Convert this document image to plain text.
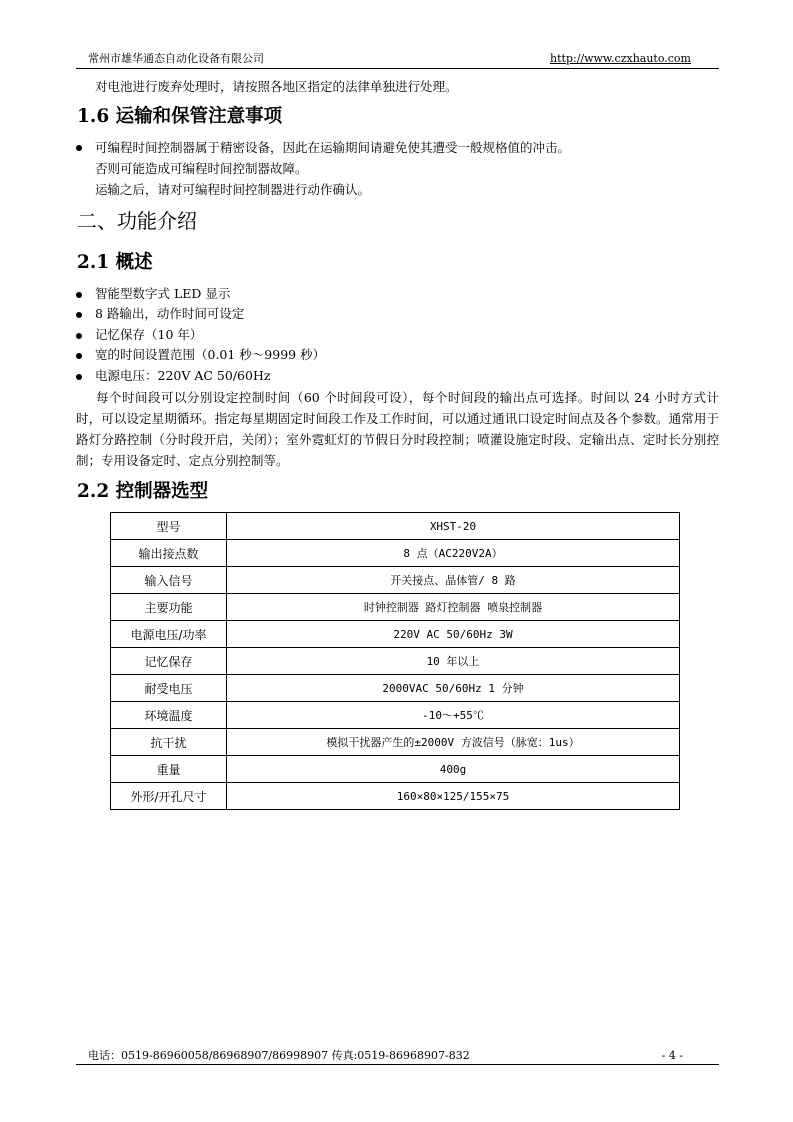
常州市雄华通态自动化设备有限公司	http://www.czxhauto.com
对电池进行废弃处理时，请按照各地区指定的法律单独进行处理。
1.6 运输和保管注意事项
可编程时间控制器属于精密设备，因此在运输期间请避免使其遭受一般规格值的冲击。
否则可能造成可编程时间控制器故障。
运输之后，请对可编程时间控制器进行动作确认。
二、功能介绍
2.1 概述
智能型数字式 LED 显示
8 路输出，动作时间可设定
记忆保存（10 年）
宽的时间设置范围（0.01 秒～9999 秒）
电源电压：220V AC 50/60Hz
每个时间段可以分别设定控制时间（60 个时间段可设），每个时间段的输出点可选择。时间以 24 小时方式计时，可以设定星期循环。指定每星期固定时间段工作及工作时间，可以通过通讯口设定时间点及各个参数。通常用于路灯分路控制（分时段开启，关闭）；室外霓虹灯的节假日分时段控制；喷灌设施定时段、定输出点、定时长分别控制；专用设备定时、定点分别控制等。
2.2 控制器选型
型号	XHST-20
输出接点数	8 点（AC220V2A）
输入信号	开关接点、晶体管/ 8 路
主要功能	时钟控制器 路灯控制器 喷泉控制器
电源电压/功率	220V AC 50/60Hz 3W
记忆保存	10 年以上
耐受电压	2000VAC 50/60Hz 1 分钟
环境温度	-10～+55℃
抗干扰	模拟干扰器产生的±2000V 方波信号（脉宽：1us）
重量	400g
外形/开孔尺寸	160×80×125/155×75
电话：0519-86960058/86968907/86998907 传真:0519-86968907-832	- 4 -
